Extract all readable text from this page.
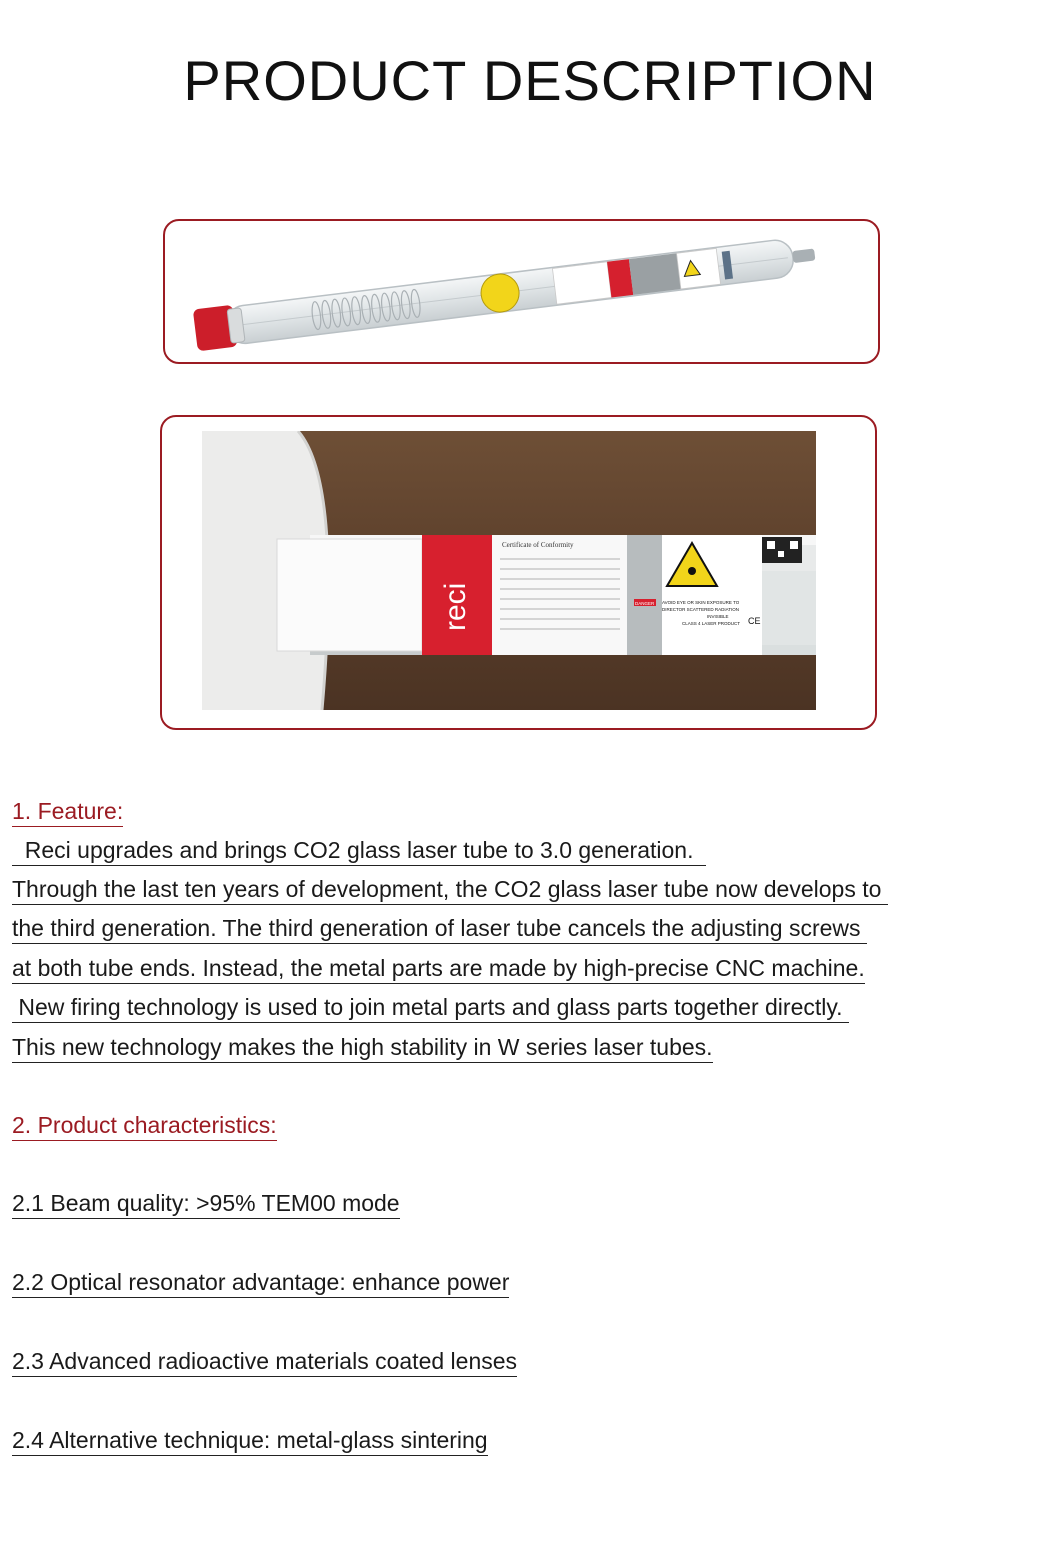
PRODUCT DESCRIPTION
reci
reci
Certificate of Conformity
DANGER AVOID EYE OR SKIN EXPOSURE TO
DIRECTOR SCATTERED RADIATION
INVISIBLE
CLASS 4 LASER PRODUCT CE
1. Feature:
Reci upgrades and brings CO2 glass laser tube to 3.0 generation.
Through the last ten years of development, the CO2 glass laser tube now develops to
the third generation. The third generation of laser tube cancels the adjusting screws
at both tube ends. Instead, the metal parts are made by high-precise CNC machine.
New firing technology is used to join metal parts and glass parts together directly.
This new technology makes the high stability in W series laser tubes.
2. Product characteristics:
2.1 Beam quality: >95% TEM00 mode
2.2 Optical resonator advantage: enhance power
2.3 Advanced radioactive materials coated lenses
2.4 Alternative technique: metal-glass sintering
